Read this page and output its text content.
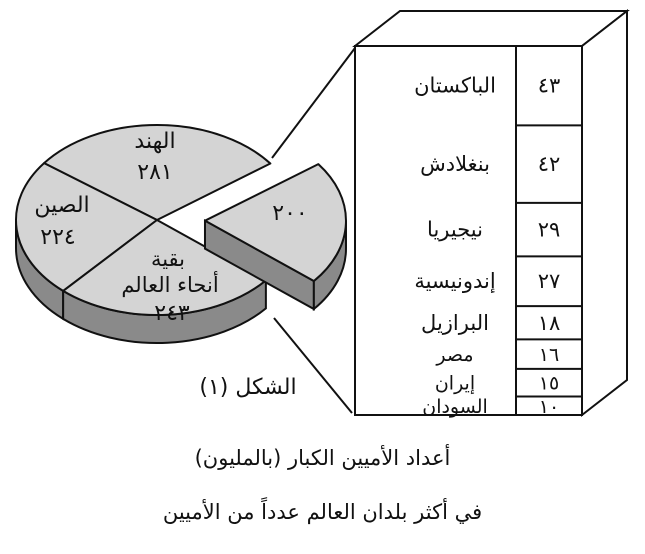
الهند
٢٨١
الصين
٢٢٤
بقية
أنحاء العالم
٢٤٣
٢٠٠
الباكستان ٤٣
بنغلادش ٤٢
نيجيريا	٢٩
إندونيسية ٢٧
البرازيل ١٨
مصر	١٦
إيران	١٥
السودان	١٠
الشكل (١)
أعداد الأميين الكبار (بالمليون)
في أكثر بلدان العالم عدداً من الأميين
